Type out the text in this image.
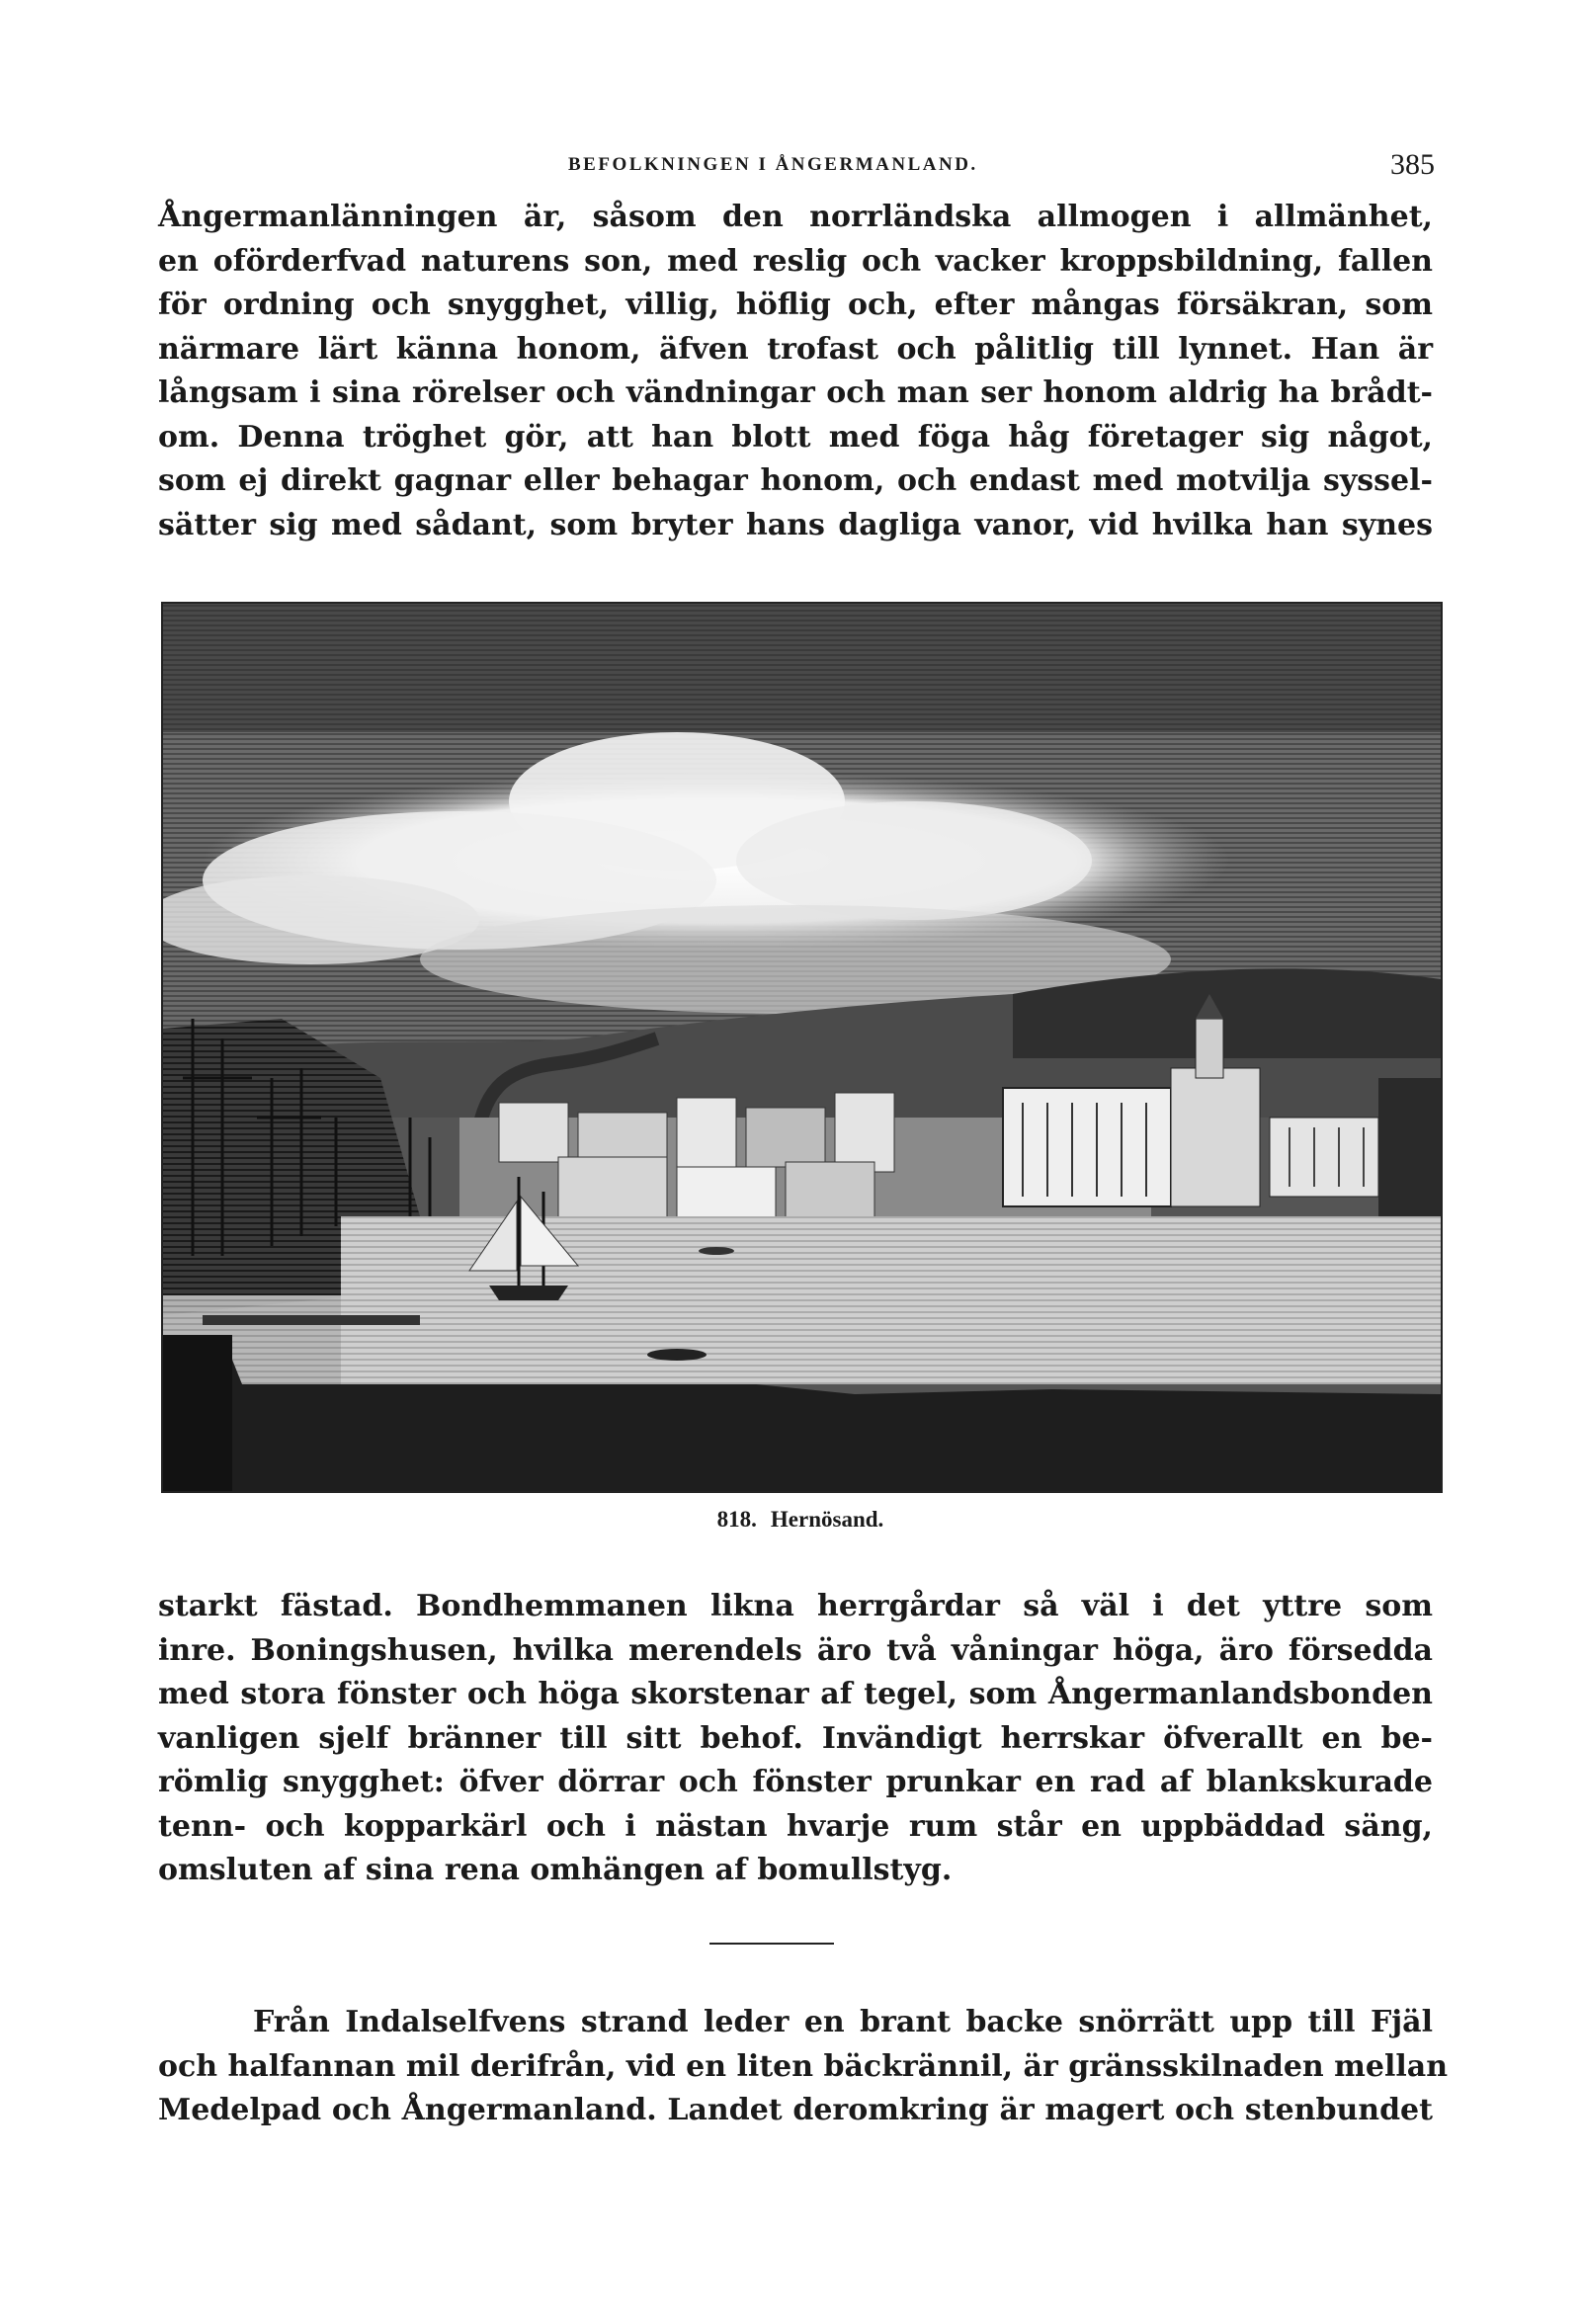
BEFOLKNINGEN I ÅNGERMANLAND.	385
Ångermanlänningen är, såsom den norrländska allmogen i allmänhet,
en oförderfvad naturens son, med reslig och vacker kroppsbildning, fallen
för ordning och snygghet, villig, höflig och, efter mångas försäkran, som
närmare lärt känna honom, äfven trofast och pålitlig till lynnet. Han är
långsam i sina rörelser och vändningar och man ser honom aldrig ha brådt-
om. Denna tröghet gör, att han blott med föga håg företager sig något,
som ej direkt gagnar eller behagar honom, och endast med motvilja syssel-
sätter sig med sådant, som bryter hans dagliga vanor, vid hvilka han synes
818. Hernösand.
starkt fästad. Bondhemmanen likna herrgårdar så väl i det yttre som
inre. Boningshusen, hvilka merendels äro två våningar höga, äro försedda
med stora fönster och höga skorstenar af tegel, som Ångermanlandsbonden
vanligen sjelf bränner till sitt behof. Invändigt herrskar öfverallt en be-
römlig snygghet: öfver dörrar och fönster prunkar en rad af blankskurade
tenn- och kopparkärl och i nästan hvarje rum står en uppbäddad säng,
omsluten af sina rena omhängen af bomullstyg.
Från Indalselfvens strand leder en brant backe snörrätt upp till Fjäl
och halfannan mil derifrån, vid en liten bäckrännil, är gränsskilnaden mellan
Medelpad och Ångermanland. Landet deromkring är magert och stenbundet
